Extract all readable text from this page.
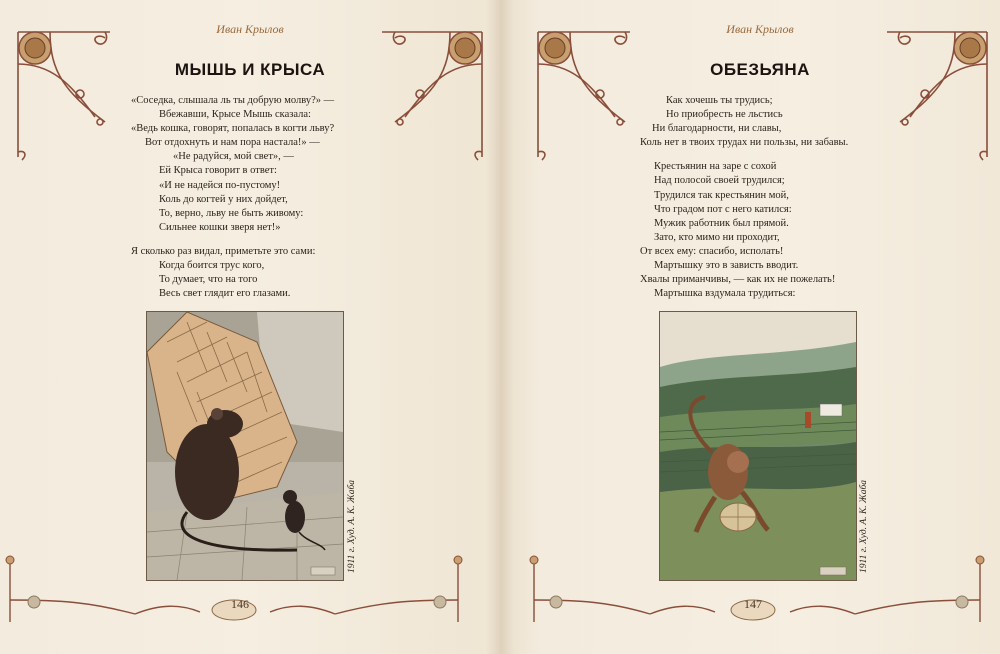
Иван Крылов
МЫШЬ И КРЫСА
«Соседка, слышала ль ты добрую молву?» —
Вбежавши, Крысе Мышь сказала:
«Ведь кошка, говорят, попалась в когти льву?
Вот отдохнуть и нам пора настала!» —
«Не радуйся, мой свет», —
Ей Крыса говорит в ответ:
«И не надейся по-пустому!
Коль до когтей у них дойдет,
То, верно, льву не быть живому:
Сильнее кошки зверя нет!»
Я сколько раз видал, приметьте это сами:
Когда боится трус кого,
То думает, что на того
Весь свет глядит его глазами.
1911 г. Худ. А. К. Жаба
146
Иван Крылов
ОБЕЗЬЯНА
Как хочешь ты трудись;
Но приобресть не льстись
Ни благодарности, ни славы,
Коль нет в твоих трудах ни пользы, ни забавы.
Крестьянин на заре с сохой
Над полосой своей трудился;
Трудился так крестьянин мой,
Что градом пот с него катился:
Мужик работник был прямой.
Зато, кто мимо ни проходит,
От всех ему: спасибо, исполать!
Мартышку это в зависть вводит.
Хвалы приманчивы, — как их не пожелать!
Мартышка вздумала трудиться:
1911 г. Худ. А. К. Жаба
147
